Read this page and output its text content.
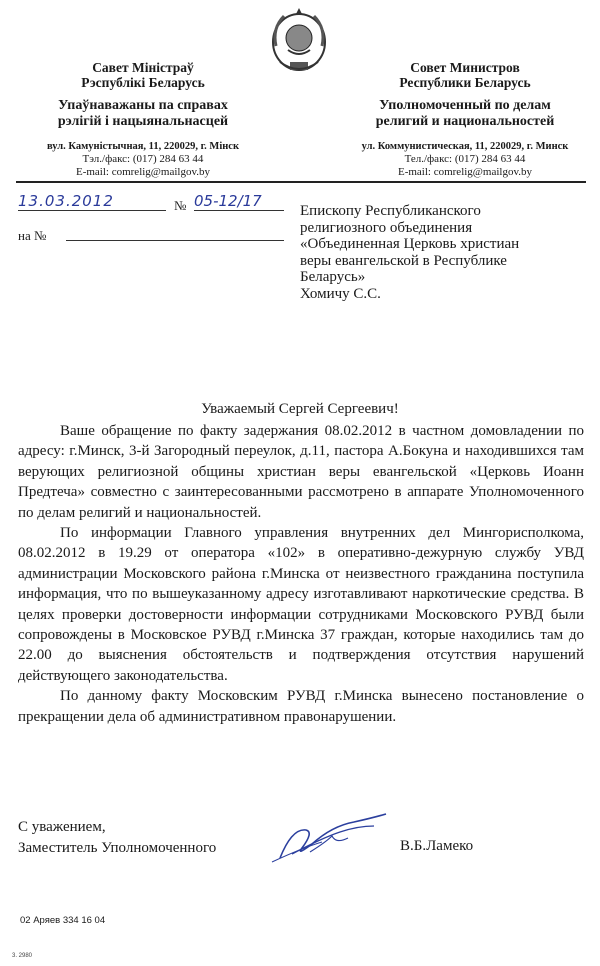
Савет Міністраў
Рэспублікі Беларусь
Упаўнаважаны па справах
рэлігій і нацыянальнасцей
вул. Камуністычная, 11, 220029, г. Мінск
Тэл./факс: (017) 284 63 44
E-mail: comrelig@mailgov.by
Совет Министров
Республики Беларусь
Уполномоченный по делам
религий и национальностей
ул. Коммунистическая, 11, 220029, г. Минск
Тел./факс: (017) 284 63 44
E-mail: comrelig@mailgov.by
13.03.2012	№ 05-12/17
на №
Епископу Республиканского
религиозного объединения
«Объединенная Церковь христиан
веры евангельской в Республике
Беларусь»
Хомичу С.С.
Уважаемый Сергей Сергеевич!

Ваше обращение по факту задержания 08.02.2012 в частном домовладении по адресу: г.Минск, 3-й Загородный переулок, д.11, пастора А.Бокуна и находившихся там верующих религиозной общины христиан веры евангельской «Церковь Иоанн Предтеча» совместно с заинтересованными рассмотрено в аппарате Уполномоченного по делам религий и национальностей.

По информации Главного управления внутренних дел Мингорисполкома, 08.02.2012 в 19.29 от оператора «102» в оперативно-дежурную службу УВД администрации Московского района г.Минска от неизвестного гражданина поступила информация, что по вышеуказанному адресу изготавливают наркотические средства. В целях проверки достоверности информации сотрудниками Московского РУВД были сопровождены в Московское РУВД г.Минска 37 граждан, которые находились там до 22.00 до выяснения обстоятельств и подтверждения отсутствия нарушений действующего законодательства.

По данному факту Московским РУВД г.Минска вынесено постановление о прекращении дела об административном правонарушении.

С уважением,
Заместитель Уполномоченного	В.Б.Ламеко
02 Аряев 334 16 04
3. 2980
